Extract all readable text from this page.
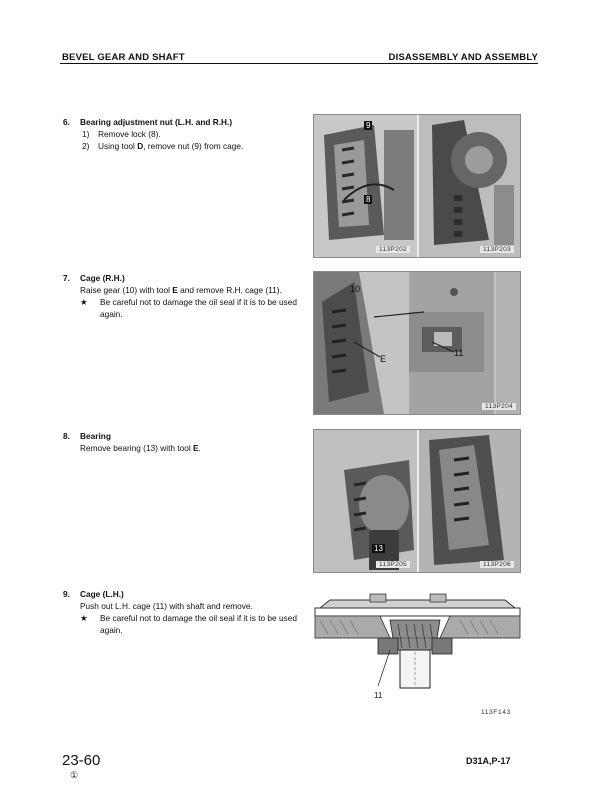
BEVEL GEAR AND SHAFT	DISASSEMBLY AND ASSEMBLY
6. Bearing adjustment nut (L.H. and R.H.)
1) Remove lock (8).
2) Using tool D, remove nut (9) from cage.
7. Cage (R.H.)
Raise gear (10) with tool E and remove R.H. cage (11).
★ Be careful not to damage the oil seal if it is to be used again.
8. Bearing
Remove bearing (13) with tool E.
9. Cage (L.H.)
Push out L.H. cage (11) with shaft and remove.
★ Be careful not to damage the oil seal if it is to be used again.
9
8
113P202	113P203
10
E
11
113P204
13
113P205	113P206
11
113F143
23-60
①
D31A,P-17
